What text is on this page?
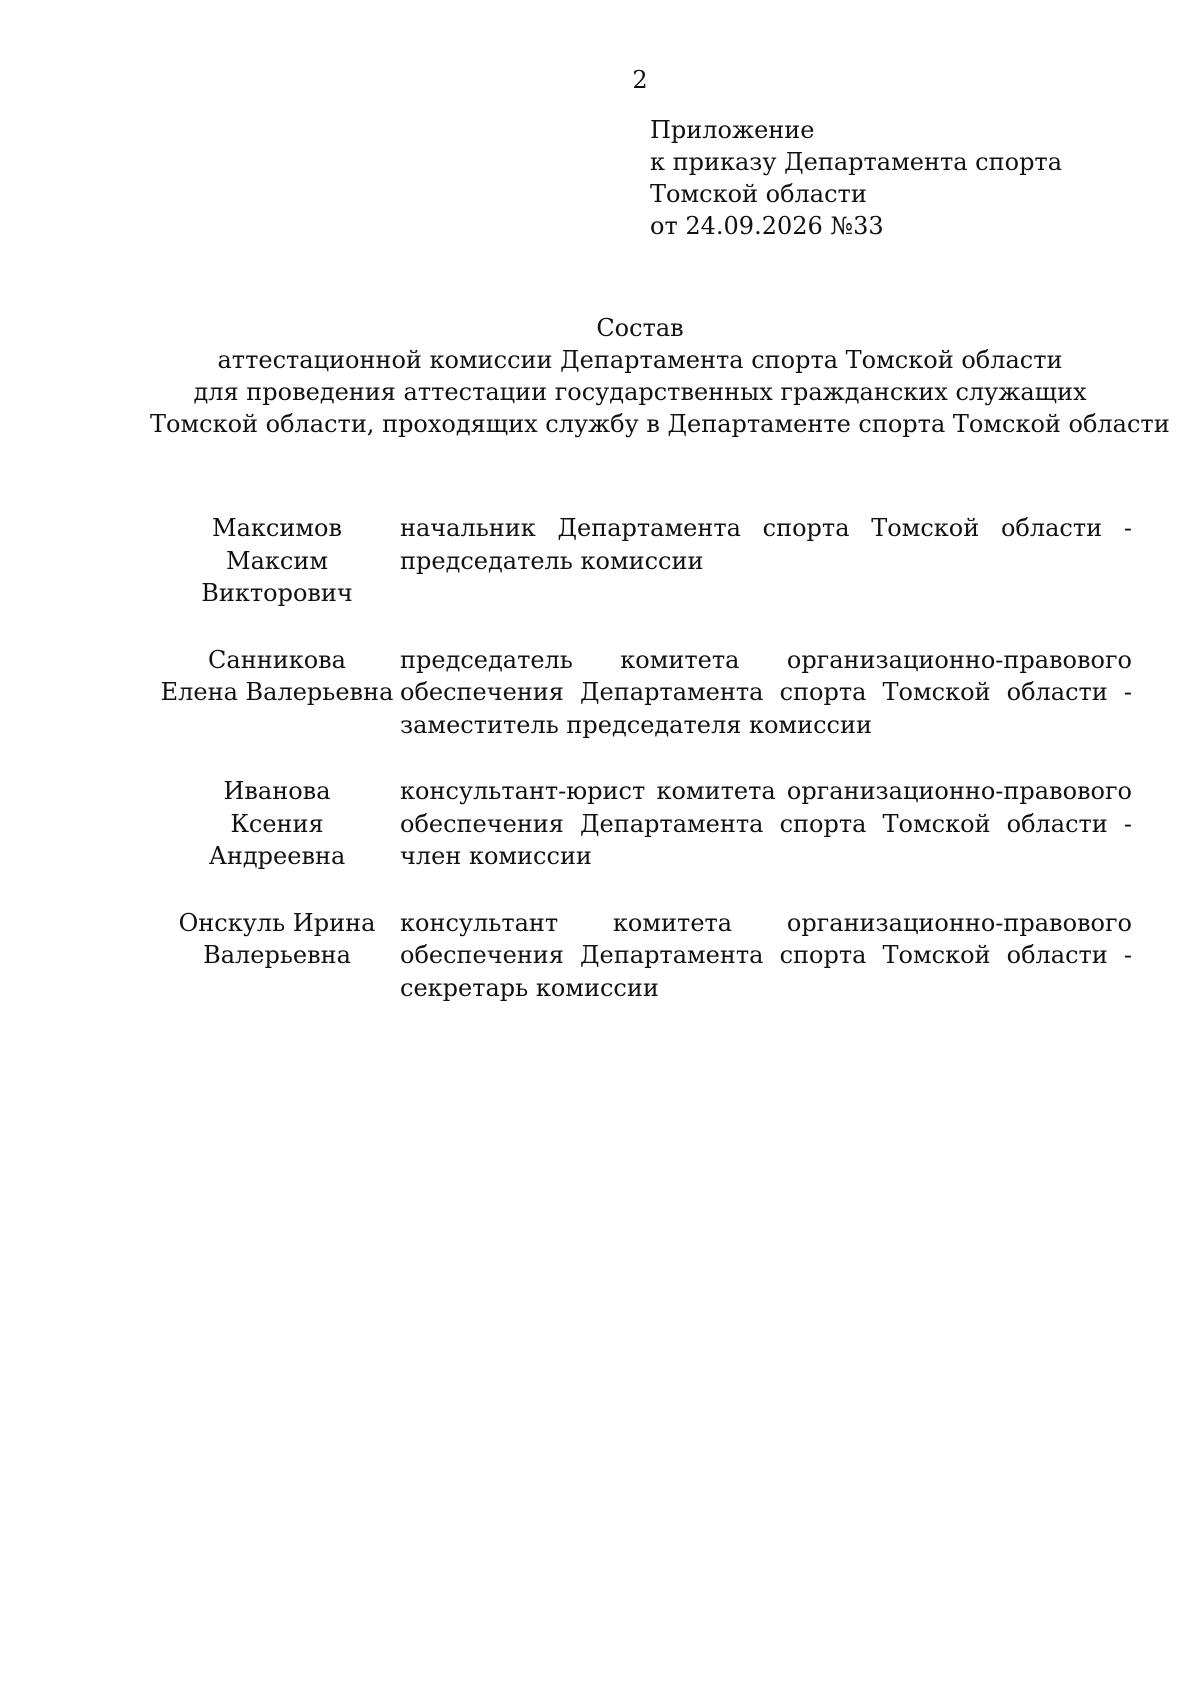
2
Приложение
к приказу Департамента спорта
Томской области
от 24.09.2026 №33
Состав
аттестационной комиссии Департамента спорта Томской области
для проведения аттестации государственных гражданских служащих
Томской области, проходящих службу в Департаменте спорта Томской области
Максимов
Максим
Викторович
начальник Департамента спорта Томской области - председатель комиссии
Санникова
Елена Валерьевна
председатель комитета организационно-правового обеспечения Департамента спорта Томской области - заместитель председателя комиссии
Иванова
Ксения Андреевна
консультант-юрист комитета организационно-правового обеспечения Департамента спорта Томской области - член комиссии
Онскуль Ирина
Валерьевна
консультант комитета организационно-правового обеспечения Департамента спорта Томской области - секретарь комиссии
